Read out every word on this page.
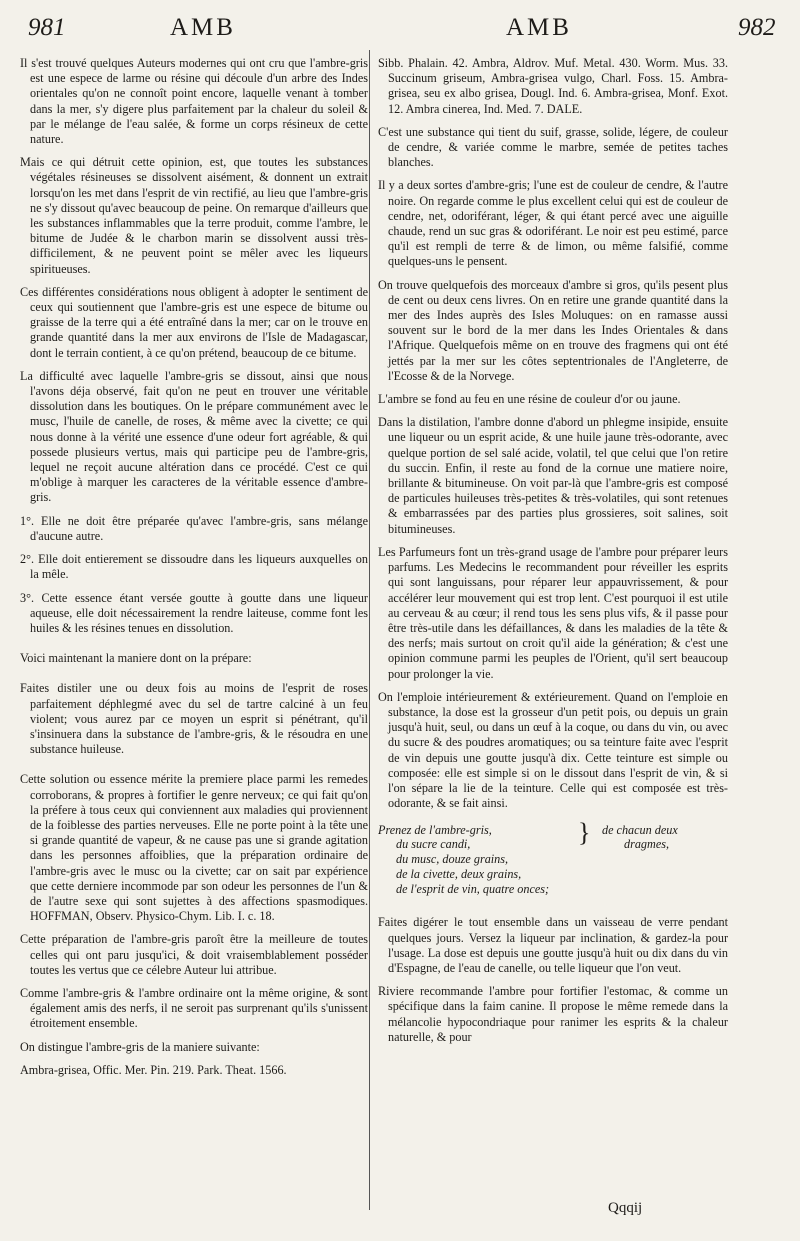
981	AMB	AMB	982

Il s'est trouvé quelques Auteurs modernes qui ont cru que l'ambre-gris est une espece de larme ou résine qui découle d'un arbre des Indes orientales qu'on ne connoît point encore, laquelle venant à tomber dans la mer, s'y digere plus parfaitement par la chaleur du soleil & par le mélange de l'eau salée, & forme un corps résineux de cette nature.

Mais ce qui détruit cette opinion, est, que toutes les substances végétales résineuses se dissolvent aisément, & donnent un extrait lorsqu'on les met dans l'esprit de vin rectifié, au lieu que l'ambre-gris ne s'y dissout qu'avec beaucoup de peine. On remarque d'ailleurs que les substances inflammables que la terre produit, comme l'ambre, le bitume de Judée & le charbon marin se dissolvent aussi très-difficilement, & ne peuvent point se mêler avec les liqueurs spiritueuses.

Ces différentes considérations nous obligent à adopter le sentiment de ceux qui soutiennent que l'ambre-gris est une espece de bitume ou graisse de la terre qui a été entraîné dans la mer; car on le trouve en grande quantité dans la mer aux environs de l'Isle de Madagascar, dont le terrain contient, à ce qu'on prétend, beaucoup de ce bitume.

La difficulté avec laquelle l'ambre-gris se dissout, ainsi que nous l'avons déja observé, fait qu'on ne peut en trouver une véritable dissolution dans les boutiques. On le prépare communément avec le musc, l'huile de canelle, de roses, & même avec la civette; ce qui nous donne à la vérité une essence d'une odeur fort agréable, & qui possede plusieurs vertus, mais qui participe peu de l'ambre-gris, lequel ne reçoit aucune altération dans ce procédé. C'est ce qui m'oblige à marquer les caracteres de la véritable essence d'ambre-gris.

1°. Elle ne doit être préparée qu'avec l'ambre-gris, sans mélange d'aucune autre.

2°. Elle doit entierement se dissoudre dans les liqueurs auxquelles on la mêle.

3°. Cette essence étant versée goutte à goutte dans une liqueur aqueuse, elle doit nécessairement la rendre laiteuse, comme font les huiles & les résines tenues en dissolution.

Voici maintenant la maniere dont on la prépare:

Faites distiler une ou deux fois au moins de l'esprit de roses parfaitement déphlegmé avec du sel de tartre calciné à un feu violent; vous aurez par ce moyen un esprit si pénétrant, qu'il s'insinuera dans la substance de l'ambre-gris, & le résoudra en une substance huileuse.

Cette solution ou essence mérite la premiere place parmi les remedes corroborans, & propres à fortifier le genre nerveux; ce qui fait qu'on la préfere à tous ceux qui conviennent aux maladies qui proviennent de la foiblesse des parties nerveuses. Elle ne porte point à la tête une si grande quantité de vapeur, & ne cause pas une si grande agitation dans les personnes affoiblies, que la préparation ordinaire de l'ambre-gris avec le musc ou la civette; car on sait par expérience que cette derniere incommode par son odeur les personnes de l'un & de l'autre sexe qui sont sujettes à des affections spasmodiques. HOFFMAN, Observ. Physico-Chym. Lib. I. c. 18.

Cette préparation de l'ambre-gris paroît être la meilleure de toutes celles qui ont paru jusqu'ici, & doit vraisemblablement posséder toutes les vertus que ce célebre Auteur lui attribue.

Comme l'ambre-gris & l'ambre ordinaire ont la même origine, & sont également amis des nerfs, il ne seroit pas surprenant qu'ils s'unissent étroitement ensemble.

On distingue l'ambre-gris de la maniere suivante:

Ambra-grisea, Offic. Mer. Pin. 219. Park. Theat. 1566.

Sibb. Phalain. 42. Ambra, Aldrov. Muf. Metal. 430. Worm. Mus. 33. Succinum griseum, Ambra-grisea vulgo, Charl. Foss. 15. Ambra-grisea, seu ex albo grisea, Dougl. Ind. 6. Ambra-grisea, Monf. Exot. 12. Ambra cinerea, Ind. Med. 7. DALE.

C'est une substance qui tient du suif, grasse, solide, légere, de couleur de cendre, & variée comme le marbre, semée de petites taches blanches.

Il y a deux sortes d'ambre-gris; l'une est de couleur de cendre, & l'autre noire. On regarde comme le plus excellent celui qui est de couleur de cendre, net, odoriférant, léger, & qui étant percé avec une aiguille chaude, rend un suc gras & odoriférant. Le noir est peu estimé, parce qu'il est rempli de terre & de limon, ou même falsifié, comme quelques-uns le pensent.

On trouve quelquefois des morceaux d'ambre si gros, qu'ils pesent plus de cent ou deux cens livres. On en retire une grande quantité dans la mer des Indes auprès des Isles Moluques: on en ramasse aussi souvent sur le bord de la mer dans les Indes Orientales & dans l'Afrique. Quelquefois même on en trouve des fragmens qui ont été jettés par la mer sur les côtes septentrionales de l'Angleterre, de l'Ecosse & de la Norvege.

L'ambre se fond au feu en une résine de couleur d'or ou jaune.

Dans la distilation, l'ambre donne d'abord un phlegme insipide, ensuite une liqueur ou un esprit acide, & une huile jaune très-odorante, avec quelque portion de sel salé acide, volatil, tel que celui que l'on retire du succin. Enfin, il reste au fond de la cornue une matiere noire, brillante & bitumineuse. On voit par-là que l'ambre-gris est composé de particules huileuses très-petites & très-volatiles, qui sont retenues & embarrassées par des parties plus grossieres, soit salines, soit bitumineuses.

Les Parfumeurs font un très-grand usage de l'ambre pour préparer leurs parfums. Les Medecins le recommandent pour réveiller les esprits qui sont languissans, pour réparer leur appauvrissement, & pour accélérer leur mouvement qui est trop lent. C'est pourquoi il est utile au cerveau & au cœur; il rend tous les sens plus vifs, & il passe pour être très-utile dans les défaillances, & dans les maladies de la tête & des nerfs; mais surtout on croit qu'il aide la génération; & c'est une opinion commune parmi les peuples de l'Orient, qu'il sert beaucoup pour prolonger la vie.

On l'emploie intérieurement & extérieurement. Quand on l'emploie en substance, la dose est la grosseur d'un petit pois, ou depuis un grain jusqu'à huit, seul, ou dans un œuf à la coque, ou dans du vin, ou avec du sucre & des poudres aromatiques; ou sa teinture faite avec l'esprit de vin depuis une goutte jusqu'à dix. Cette teinture est simple ou composée: elle est simple si on le dissout dans l'esprit de vin, & si l'on sépare la lie de la teinture. Celle qui est composée est très-odorante, & se fait ainsi.

Prenez de l'ambre-gris,
du sucre candi,
du musc, douze grains,
de la civette, deux grains,
de l'esprit de vin, quatre onces;
} de chacun deux
dragmes,

Faites digérer le tout ensemble dans un vaisseau de verre pendant quelques jours. Versez la liqueur par inclination, & gardez-la pour l'usage. La dose est depuis une goutte jusqu'à huit ou dix dans du vin d'Espagne, de l'eau de canelle, ou telle liqueur que l'on veut.

Riviere recommande l'ambre pour fortifier l'estomac, & comme un spécifique dans la faim canine. Il propose le même remede dans la mélancolie hypocondriaque pour ranimer les esprits & la chaleur naturelle, & pour

Qqqij
